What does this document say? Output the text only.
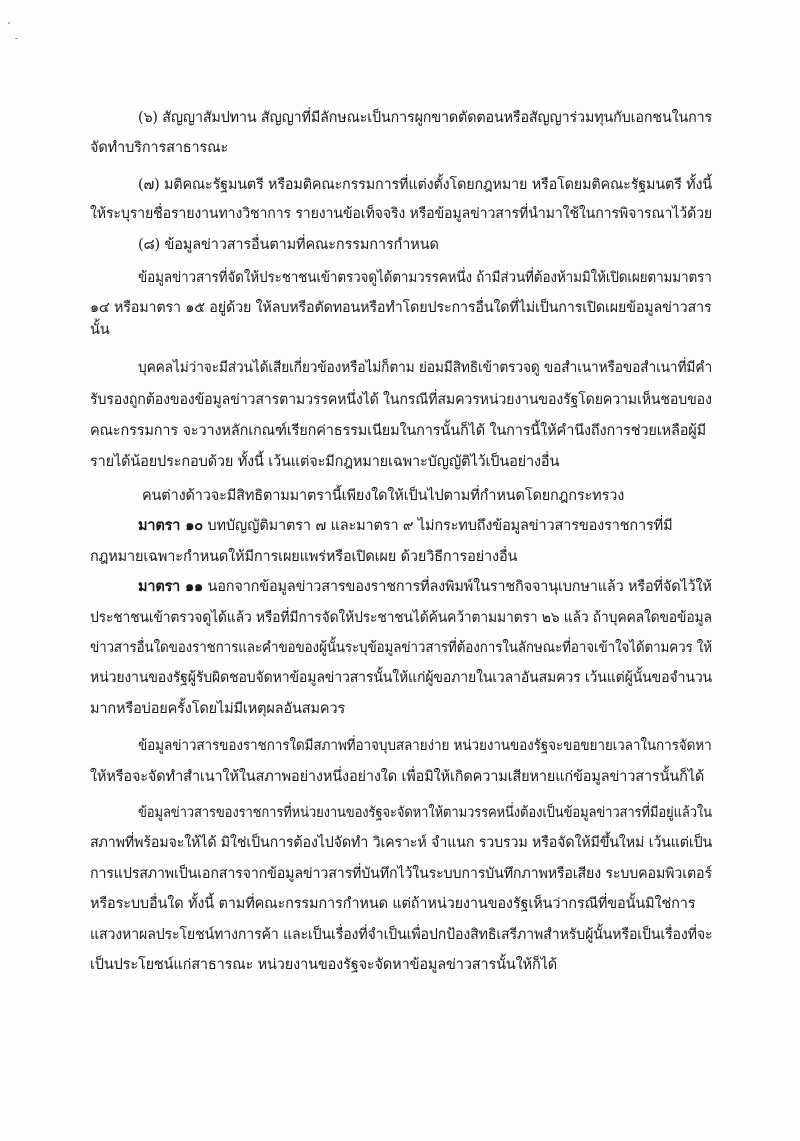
(๖) สัญญาสัมปทาน สัญญาที่มีลักษณะเป็นการผูกขาดตัดตอนหรือสัญญาร่วมทุนกับเอกชนในการ
จัดทำบริการสาธารณะ
(๗) มติคณะรัฐมนตรี หรือมติคณะกรรมการที่แต่งตั้งโดยกฎหมาย หรือโดยมติคณะรัฐมนตรี ทั้งนี้
ให้ระบุรายชื่อรายงานทางวิชาการ รายงานข้อเท็จจริง หรือข้อมูลข่าวสารที่นำมาใช้ในการพิจารณาไว้ด้วย
(๘) ข้อมูลข่าวสารอื่นตามที่คณะกรรมการกำหนด
ข้อมูลข่าวสารที่จัดให้ประชาชนเข้าตรวจดูได้ตามวรรคหนึ่ง ถ้ามีส่วนที่ต้องห้ามมิให้เปิดเผยตามมาตรา
๑๔ หรือมาตรา ๑๕ อยู่ด้วย ให้ลบหรือตัดทอนหรือทำโดยประการอื่นใดที่ไม่เป็นการเปิดเผยข้อมูลข่าวสาร
นั้น
บุคคลไม่ว่าจะมีส่วนได้เสียเกี่ยวข้องหรือไม่ก็ตาม ย่อมมีสิทธิเข้าตรวจดู ขอสำเนาหรือขอสำเนาที่มีคำ
รับรองถูกต้องของข้อมูลข่าวสารตามวรรคหนึ่งได้ ในกรณีที่สมควรหน่วยงานของรัฐโดยความเห็นชอบของ
คณะกรรมการ จะวางหลักเกณฑ์เรียกค่าธรรมเนียมในการนั้นก็ได้ ในการนี้ให้คำนึงถึงการช่วยเหลือผู้มี
รายได้น้อยประกอบด้วย ทั้งนี้ เว้นแต่จะมีกฎหมายเฉพาะบัญญัติไว้เป็นอย่างอื่น
คนต่างด้าวจะมีสิทธิตามมาตรานี้เพียงใดให้เป็นไปตามที่กำหนดโดยกฎกระทรวง
มาตรา ๑๐ บทบัญญัติมาตรา ๗ และมาตรา ๙ ไม่กระทบถึงข้อมูลข่าวสารของราชการที่มี
กฎหมายเฉพาะกำหนดให้มีการเผยแพร่หรือเปิดเผย ด้วยวิธีการอย่างอื่น
มาตรา ๑๑ นอกจากข้อมูลข่าวสารของราชการที่ลงพิมพ์ในราชกิจจานุเบกษาแล้ว หรือที่จัดไว้ให้
ประชาชนเข้าตรวจดูได้แล้ว หรือที่มีการจัดให้ประชาชนได้ค้นคว้าตามมาตรา ๒๖ แล้ว ถ้าบุคคลใดขอข้อมูล
ข่าวสารอื่นใดของราชการและคำขอของผู้นั้นระบุข้อมูลข่าวสารที่ต้องการในลักษณะที่อาจเข้าใจได้ตามควร ให้
หน่วยงานของรัฐผู้รับผิดชอบจัดหาข้อมูลข่าวสารนั้นให้แก่ผู้ขอภายในเวลาอันสมควร เว้นแต่ผู้นั้นขอจำนวน
มากหรือบ่อยครั้งโดยไม่มีเหตุผลอันสมควร
ข้อมูลข่าวสารของราชการใดมีสภาพที่อาจบุบสลายง่าย หน่วยงานของรัฐจะขอขยายเวลาในการจัดหา
ให้หรือจะจัดทำสำเนาให้ในสภาพอย่างหนึ่งอย่างใด เพื่อมิให้เกิดความเสียหายแก่ข้อมูลข่าวสารนั้นก็ได้
ข้อมูลข่าวสารของราชการที่หน่วยงานของรัฐจะจัดหาให้ตามวรรคหนึ่งต้องเป็นข้อมูลข่าวสารที่มีอยู่แล้วใน
สภาพที่พร้อมจะให้ได้ มิใช่เป็นการต้องไปจัดทำ วิเคราะห์ จำแนก รวบรวม หรือจัดให้มีขึ้นใหม่ เว้นแต่เป็น
การแปรสภาพเป็นเอกสารจากข้อมูลข่าวสารที่บันทึกไว้ในระบบการบันทึกภาพหรือเสียง ระบบคอมพิวเตอร์
หรือระบบอื่นใด ทั้งนี้ ตามที่คณะกรรมการกำหนด แต่ถ้าหน่วยงานของรัฐเห็นว่ากรณีที่ขอนั้นมิใช่การ
แสวงหาผลประโยชน์ทางการค้า และเป็นเรื่องที่จำเป็นเพื่อปกป้องสิทธิเสรีภาพสำหรับผู้นั้นหรือเป็นเรื่องที่จะ
เป็นประโยชน์แก่สาธารณะ หน่วยงานของรัฐจะจัดหาข้อมูลข่าวสารนั้นให้ก็ได้
